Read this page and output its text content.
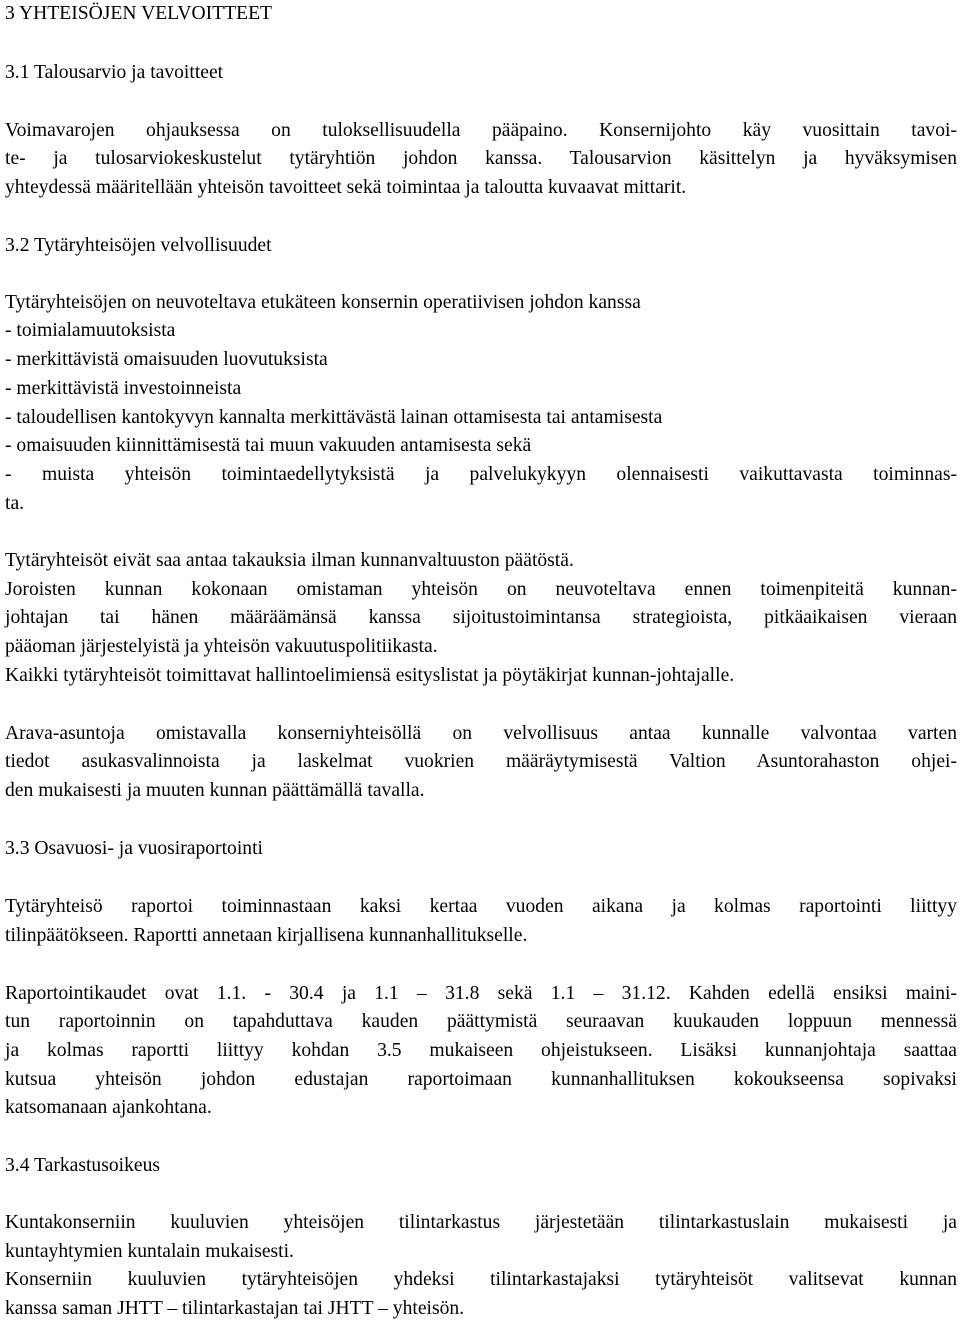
3 YHTEISÖJEN VELVOITTEET
3.1 Talousarvio ja tavoitteet
Voimavarojen ohjauksessa on tuloksellisuudella pääpaino. Konsernijohto käy vuosittain tavoi-
te- ja tulosarviokeskustelut tytäryhtiön johdon kanssa. Talousarvion käsittelyn ja hyväksymisen
yhteydessä määritellään yhteisön tavoitteet sekä toimintaa ja taloutta kuvaavat mittarit.
3.2 Tytäryhteisöjen velvollisuudet
Tytäryhteisöjen on neuvoteltava etukäteen konsernin operatiivisen johdon kanssa
- toimialamuutoksista
- merkittävistä omaisuuden luovutuksista
- merkittävistä investoinneista
- taloudellisen kantokyvyn kannalta merkittävästä lainan ottamisesta tai antamisesta
- omaisuuden kiinnittämisestä tai muun vakuuden antamisesta sekä
- muista yhteisön toimintaedellytyksistä ja palvelukykyyn olennaisesti vaikuttavasta toiminnas-
ta.
Tytäryhteisöt eivät saa antaa takauksia ilman kunnanvaltuuston päätöstä.
Joroisten kunnan kokonaan omistaman yhteisön on neuvoteltava ennen toimenpiteitä kunnan-
johtajan tai hänen määräämänsä kanssa sijoitustoimintansa strategioista, pitkäaikaisen vieraan
pääoman järjestelyistä ja yhteisön vakuutuspolitiikasta.
Kaikki tytäryhteisöt toimittavat hallintoelimiensä esityslistat ja pöytäkirjat kunnan-johtajalle.
Arava-asuntoja omistavalla konserniyhteisöllä on velvollisuus antaa kunnalle valvontaa varten
tiedot asukasvalinnoista ja laskelmat vuokrien määräytymisestä Valtion Asuntorahaston ohjei-
den mukaisesti ja muuten kunnan päättämällä tavalla.
3.3 Osavuosi- ja vuosiraportointi
Tytäryhteisö raportoi toiminnastaan kaksi kertaa vuoden aikana ja kolmas raportointi liittyy
tilinpäätökseen. Raportti annetaan kirjallisena kunnanhallitukselle.
Raportointikaudet ovat 1.1. - 30.4 ja 1.1 – 31.8 sekä 1.1 – 31.12. Kahden edellä ensiksi maini-
tun raportoinnin on tapahduttava kauden päättymistä seuraavan kuukauden loppuun mennessä
ja kolmas raportti liittyy kohdan 3.5 mukaiseen ohjeistukseen. Lisäksi kunnanjohtaja saattaa
kutsua yhteisön johdon edustajan raportoimaan kunnanhallituksen kokoukseensa sopivaksi
katsomanaan ajankohtana.
3.4 Tarkastusoikeus
Kuntakonserniin kuuluvien yhteisöjen tilintarkastus järjestetään tilintarkastuslain mukaisesti ja
kuntayhtymien kuntalain mukaisesti.
Konserniin kuuluvien tytäryhteisöjen yhdeksi tilintarkastajaksi tytäryhteisöt valitsevat kunnan
kanssa saman JHTT – tilintarkastajan tai JHTT – yhteisön.
